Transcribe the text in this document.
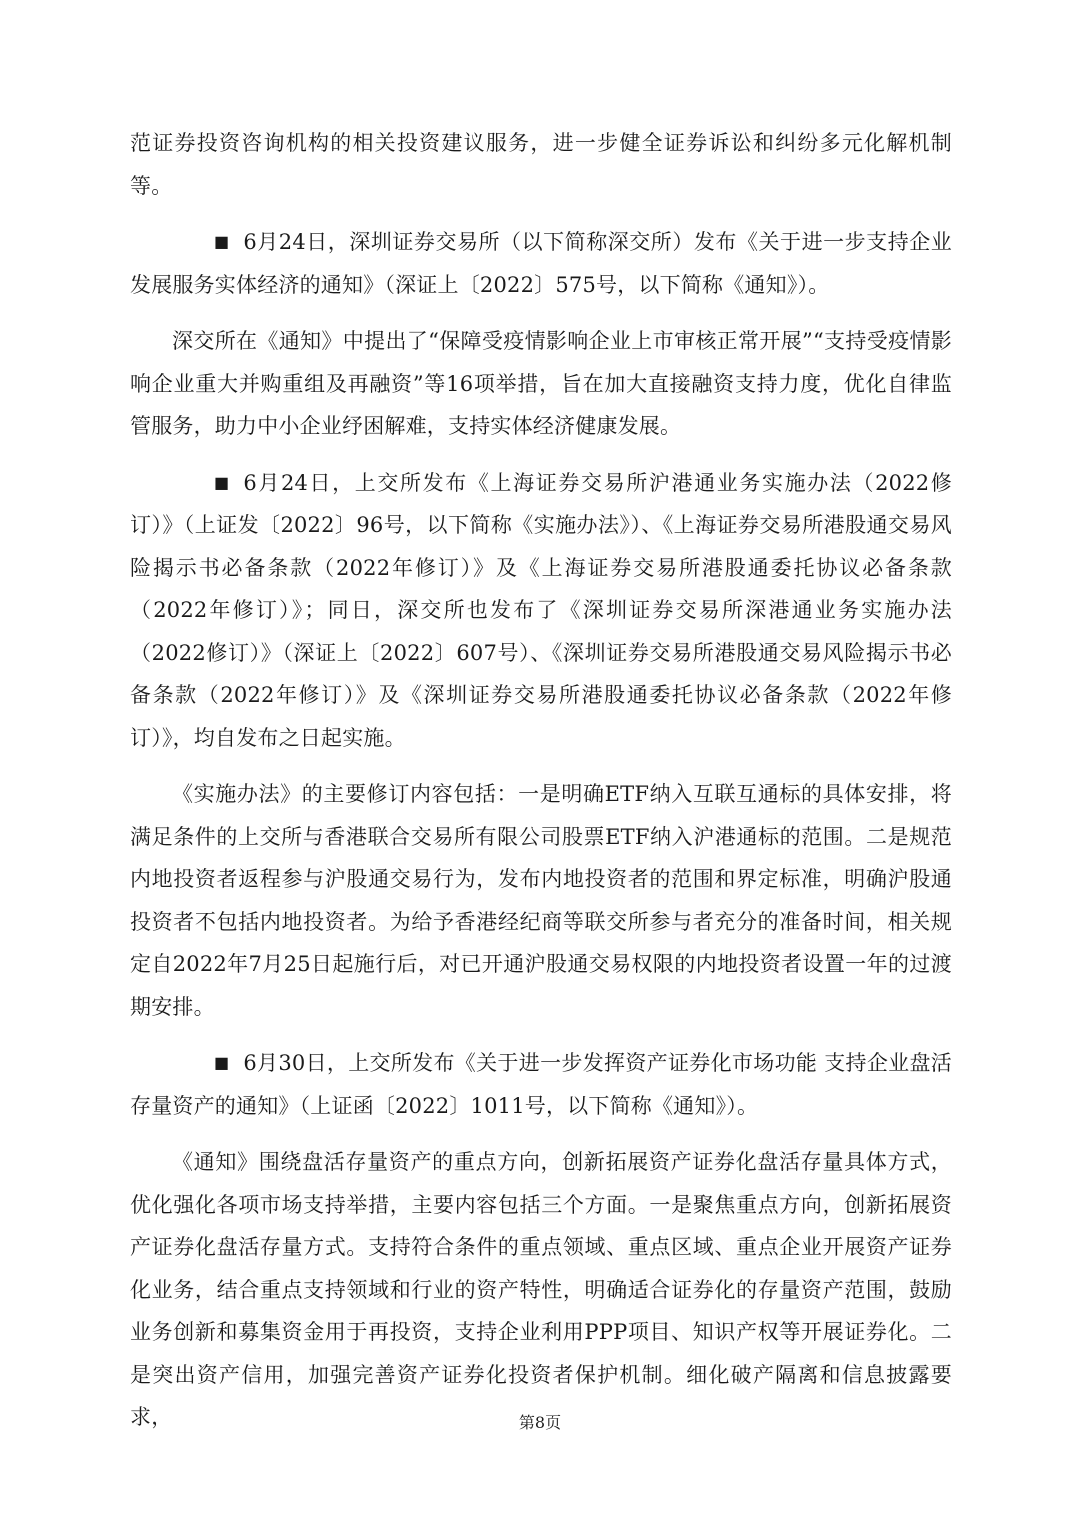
范证券投资咨询机构的相关投资建议服务，进一步健全证券诉讼和纠纷多元化解机制等。

■ 6月24日，深圳证券交易所（以下简称深交所）发布《关于进一步支持企业发展服务实体经济的通知》（深证上〔2022〕575号，以下简称《通知》）。

深交所在《通知》中提出了“保障受疫情影响企业上市审核正常开展”“支持受疫情影响企业重大并购重组及再融资”等16项举措，旨在加大直接融资支持力度，优化自律监管服务，助力中小企业纾困解难，支持实体经济健康发展。

■ 6月24日，上交所发布《上海证券交易所沪港通业务实施办法（2022修订）》（上证发〔2022〕96号，以下简称《实施办法》）、《上海证券交易所港股通交易风险揭示书必备条款（2022年修订）》及《上海证券交易所港股通委托协议必备条款（2022年修订）》；同日，深交所也发布了《深圳证券交易所深港通业务实施办法（2022修订）》（深证上〔2022〕607号）、《深圳证券交易所港股通交易风险揭示书必备条款（2022年修订）》及《深圳证券交易所港股通委托协议必备条款（2022年修订）》，均自发布之日起实施。

《实施办法》的主要修订内容包括：一是明确ETF纳入互联互通标的具体安排，将满足条件的上交所与香港联合交易所有限公司股票ETF纳入沪港通标的范围。二是规范内地投资者返程参与沪股通交易行为，发布内地投资者的范围和界定标准，明确沪股通投资者不包括内地投资者。为给予香港经纪商等联交所参与者充分的准备时间，相关规定自2022年7月25日起施行后，对已开通沪股通交易权限的内地投资者设置一年的过渡期安排。

■ 6月30日，上交所发布《关于进一步发挥资产证券化市场功能 支持企业盘活存量资产的通知》（上证函〔2022〕1011号，以下简称《通知》）。

《通知》围绕盘活存量资产的重点方向，创新拓展资产证券化盘活存量具体方式，优化强化各项市场支持举措，主要内容包括三个方面。一是聚焦重点方向，创新拓展资产证券化盘活存量方式。支持符合条件的重点领域、重点区域、重点企业开展资产证券化业务，结合重点支持领域和行业的资产特性，明确适合证券化的存量资产范围，鼓励业务创新和募集资金用于再投资，支持企业利用PPP项目、知识产权等开展证券化。二是突出资产信用，加强完善资产证券化投资者保护机制。细化破产隔离和信息披露要求，	第8页
